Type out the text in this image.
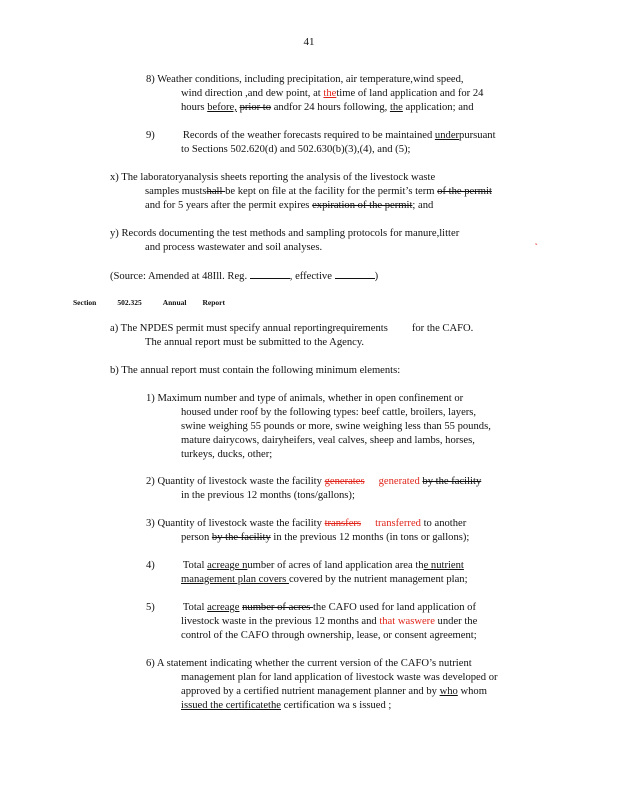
41
8) Weather conditions, including precipitation, air temperature,wind speed,
wind direction ,and dew point, at thetime of land application and for 24
hours before, prior to andfor 24 hours following, the application; and
9)	Records of the weather forecasts required to be maintained underpursuant
to Sections 502.620(d) and 502.630(b)(3),(4), and (5);
x) The laboratoryanalysis sheets reporting the analysis of the livestock waste
samples mustshall be kept on file at the facility for the permit’s term of the permit
and for 5 years after the permit expires expiration of the permit; and
y) Records documenting the test methods and sampling protocols for manure,litter
and process wastewater and soil analyses.
˛
(Source: Amended at 48Ill. Reg.	, effective	)
Section	502.325	Annual Report
a) The NPDES permit must specify annual reportingrequirements for the CAFO.
The annual report must be submitted to the Agency.
b) The annual report must contain the following minimum elements:
1) Maximum number and type of animals, whether in open confinement or
housed under roof by the following types: beef cattle, broilers, layers,
swine weighing 55 pounds or more, swine weighing less than 55 pounds,
mature dairycows, dairyheifers, veal calves, sheep and lambs, horses,
turkeys, ducks, other;
2) Quantity of livestock waste the facility generates generated by the facility
in the previous 12 months (tons/gallons);
3) Quantity of livestock waste the facility transfers transferred to another
person by the facility in the previous 12 months (in tons or gallons);
4)	Total acreage number of acres of land application area the nutrient
management plan covers covered by the nutrient management plan;
5)	Total acreage number of acres the CAFO used for land application of
livestock waste in the previous 12 months and that waswere under the
control of the CAFO through ownership, lease, or consent agreement;
6) A statement indicating whether the current version of the CAFO’s nutrient
management plan for land application of livestock waste was developed or
approved by a certified nutrient management planner and by who whom
issued the certificatethe certification wa s issued ;
